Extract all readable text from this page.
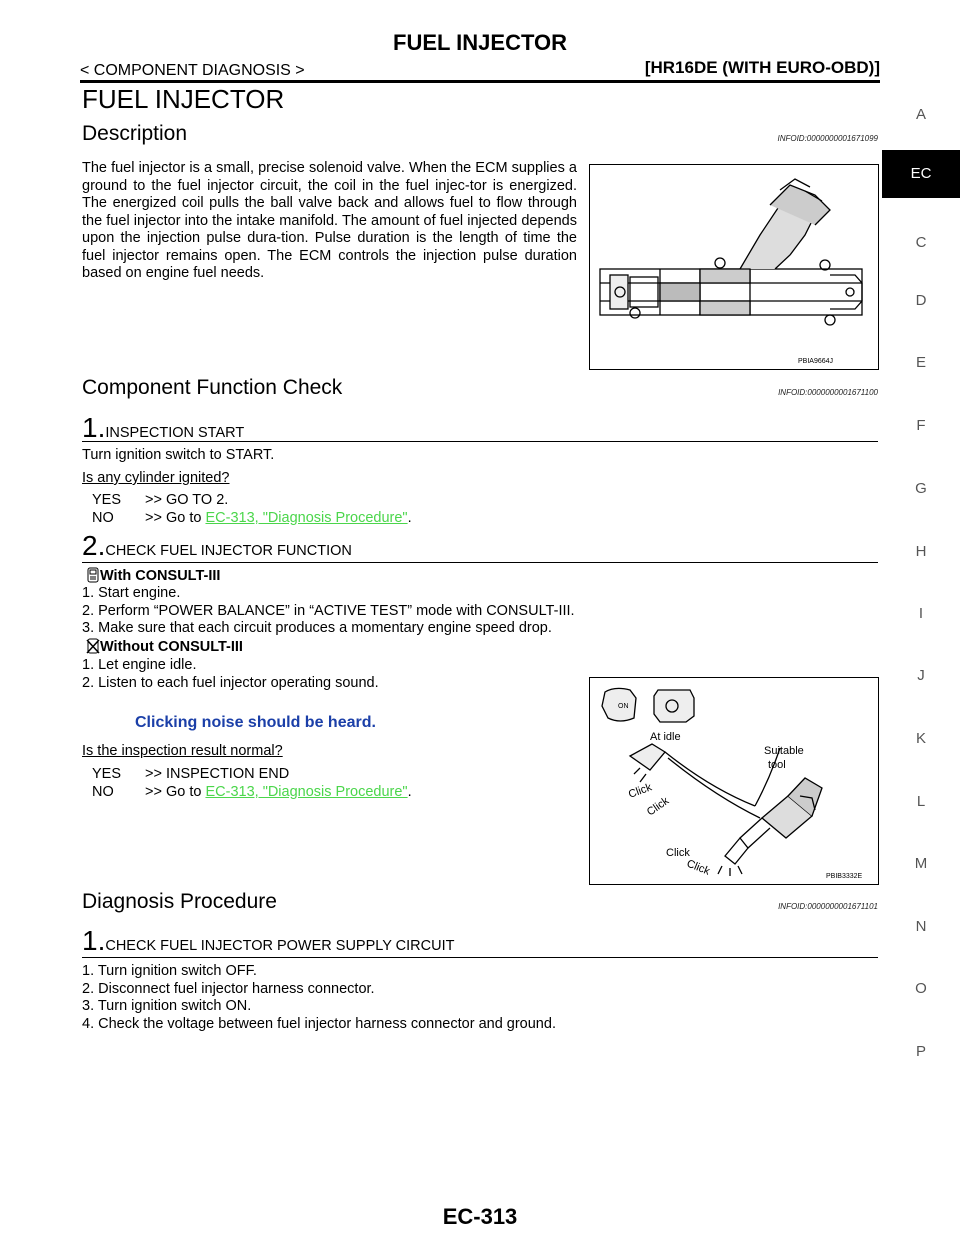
FUEL INJECTOR
< COMPONENT DIAGNOSIS >	[HR16DE (WITH EURO-OBD)]
FUEL INJECTOR
Description	INFOID:0000000001671099
The fuel injector is a small, precise solenoid valve. When the ECM supplies a ground to the fuel injector circuit, the coil in the fuel injec-tor is energized. The energized coil pulls the ball valve back and allows fuel to flow through the fuel injector into the intake manifold. The amount of fuel injected depends upon the injection pulse dura-tion. Pulse duration is the length of time the fuel injector remains open. The ECM controls the injection pulse duration based on engine fuel needs.
PBIA9664J
Component Function Check	INFOID:0000000001671100
1.INSPECTION START
Turn ignition switch to START.
Is any cylinder ignited?
YES >> GO TO 2.
NO >> Go to EC-313, "Diagnosis Procedure".
2.CHECK FUEL INJECTOR FUNCTION
With CONSULT-III
1. Start engine.
2. Perform “POWER BALANCE” in “ACTIVE TEST” mode with CONSULT-III.
3. Make sure that each circuit produces a momentary engine speed drop.
Without CONSULT-III
1. Let engine idle.
2. Listen to each fuel injector operating sound.
Clicking noise should be heard.
Is the inspection result normal?
YES >> INSPECTION END
NO >> Go to EC-313, "Diagnosis Procedure".
ON
At idle
Suitable
tool
Click
Click
Click
Click	PBIB3332E
Diagnosis Procedure	INFOID:0000000001671101
1.CHECK FUEL INJECTOR POWER SUPPLY CIRCUIT
1. Turn ignition switch OFF.
2. Disconnect fuel injector harness connector.
3. Turn ignition switch ON.
4. Check the voltage between fuel injector harness connector and ground.
A
EC
C
D
E
F
G
H
I
J
K
L
M
N
O
P
EC-313
